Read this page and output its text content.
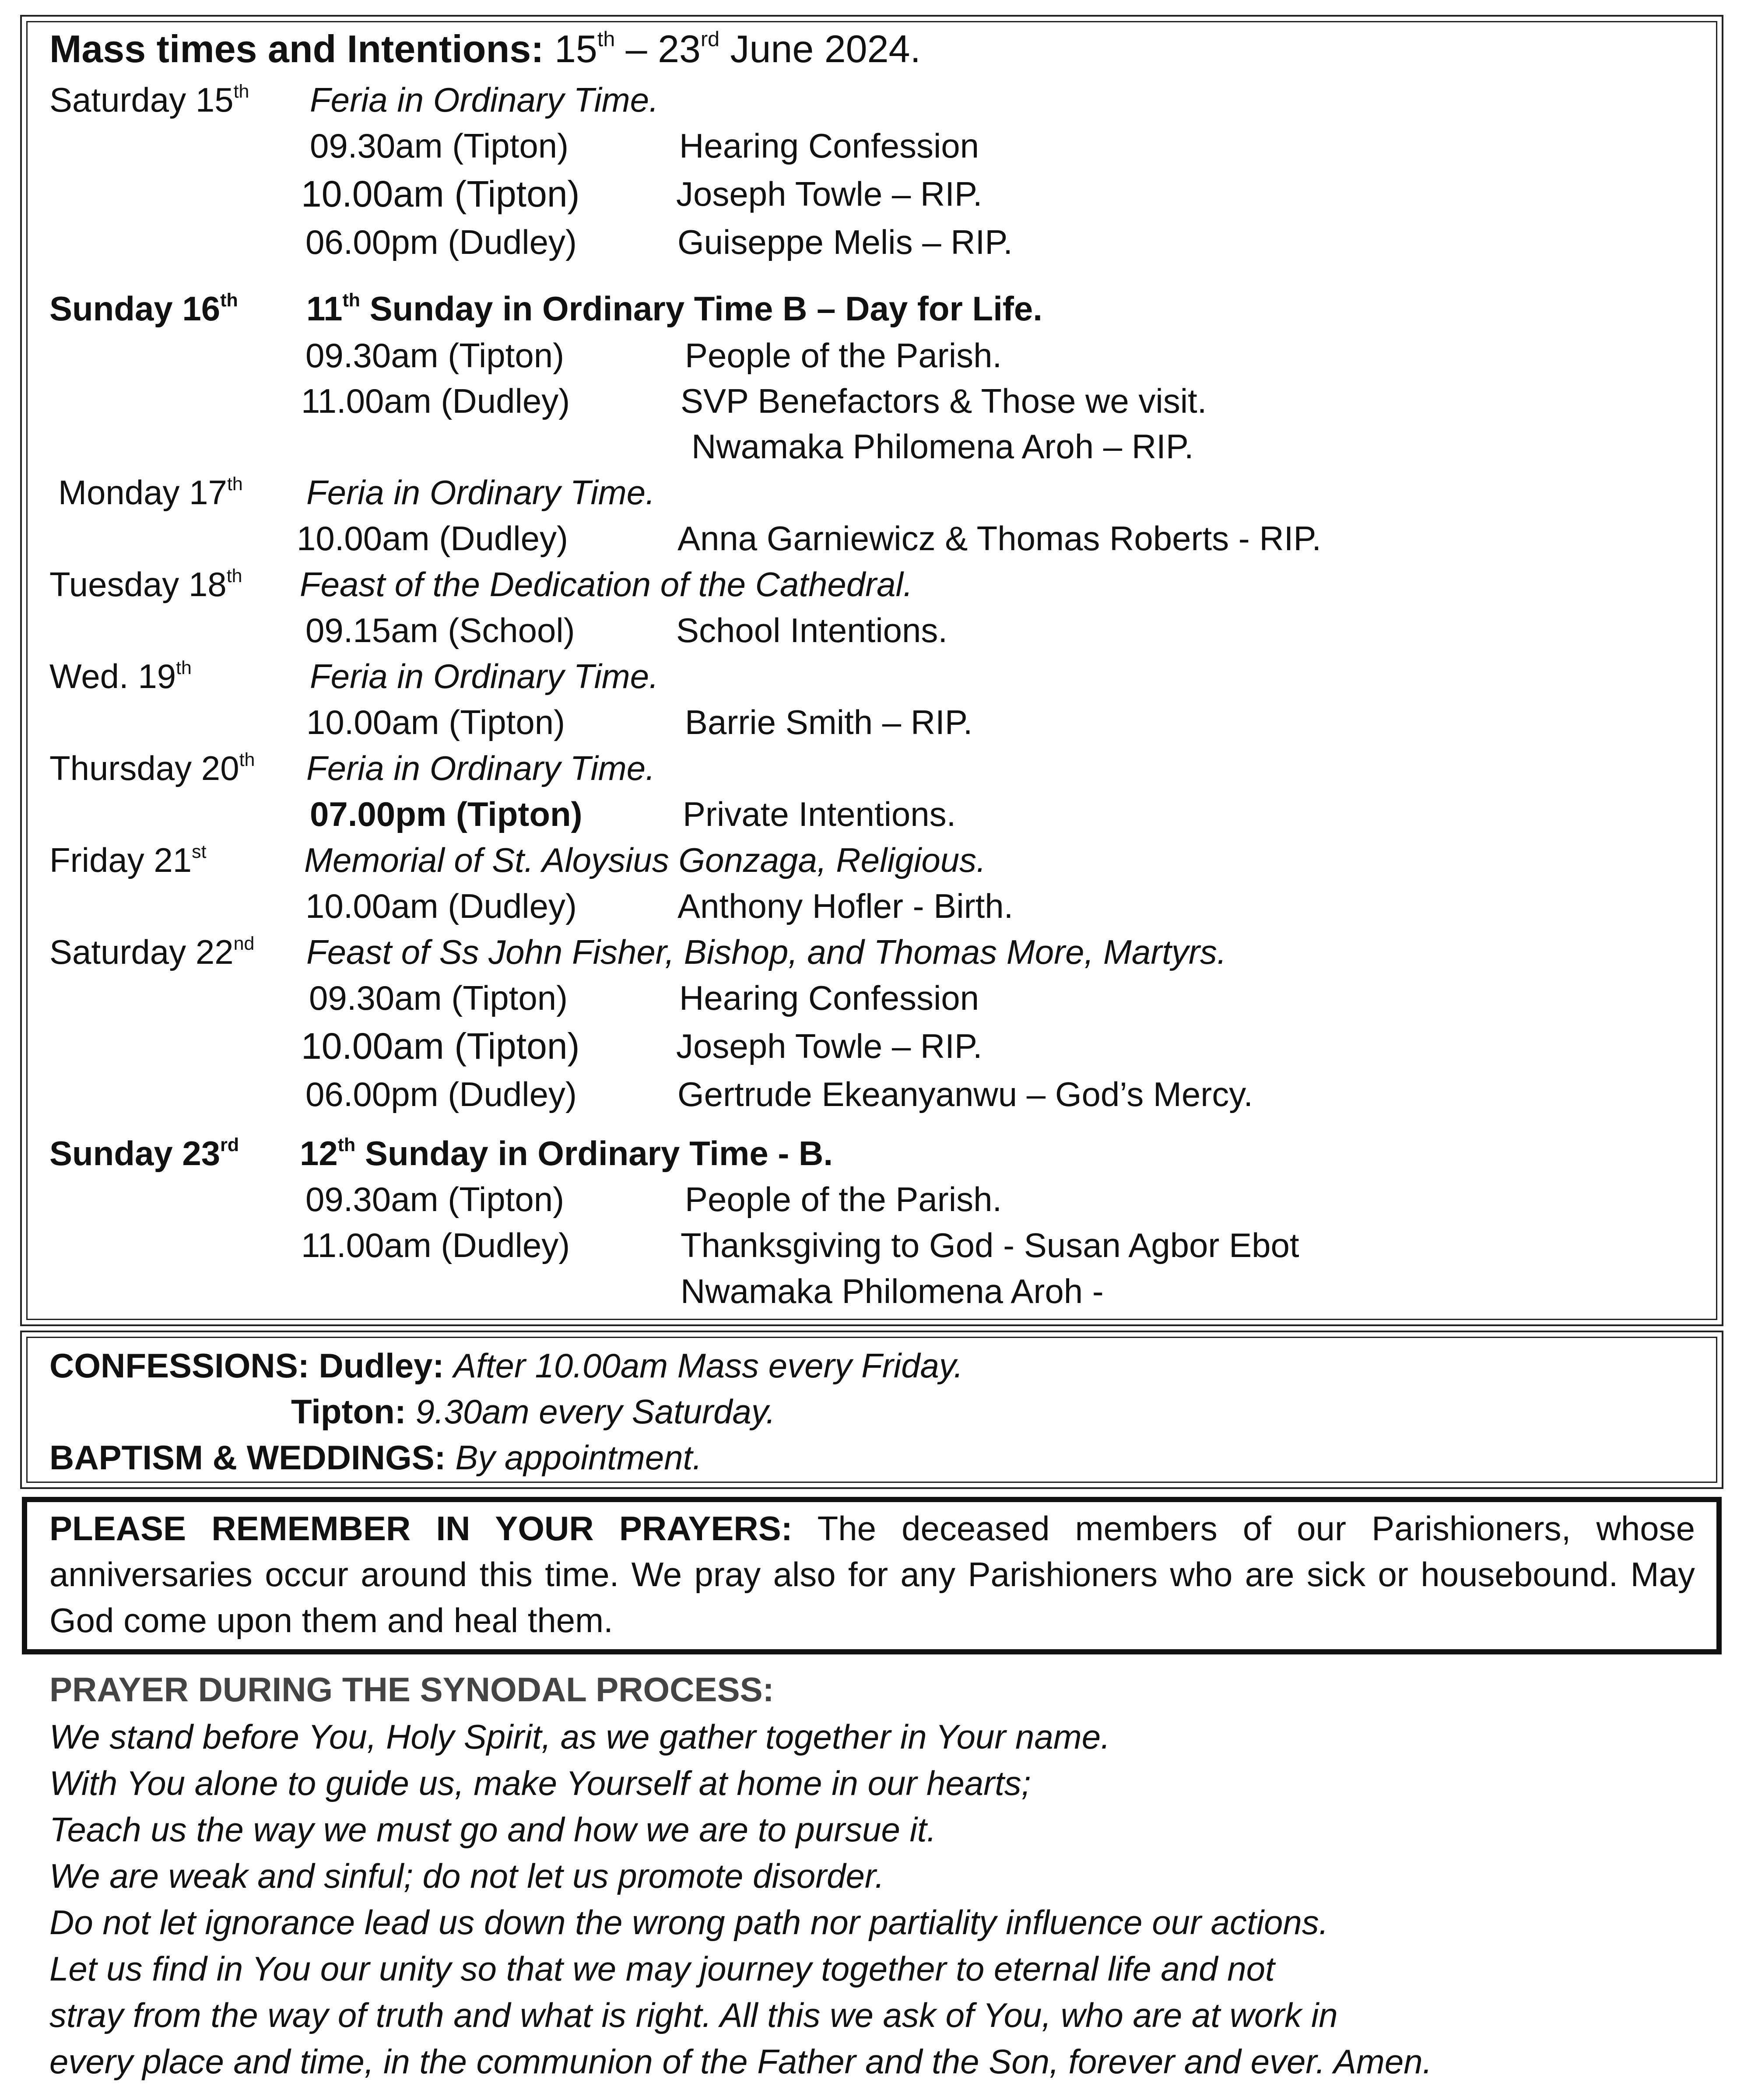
Mass times and Intentions: 15th – 23rd June 2024.
Saturday 15th Feria in Ordinary Time.
09.30am (Tipton)	Hearing Confession
10.00am (Tipton)	Joseph Towle – RIP.
06.00pm (Dudley)	Guiseppe Melis – RIP.
Sunday 16th 11th Sunday in Ordinary Time B – Day for Life.
09.30am (Tipton)	People of the Parish.
11.00am (Dudley)	SVP Benefactors & Those we visit.
Nwamaka Philomena Aroh – RIP.
Monday 17th Feria in Ordinary Time.
10.00am (Dudley)	Anna Garniewicz & Thomas Roberts - RIP.
Tuesday 18th Feast of the Dedication of the Cathedral.
09.15am (School)	School Intentions.
Wed. 19th	Feria in Ordinary Time.
10.00am (Tipton)	Barrie Smith – RIP.
Thursday 20th Feria in Ordinary Time.
07.00pm (Tipton)	Private Intentions.
Friday 21st	Memorial of St. Aloysius Gonzaga, Religious.
10.00am (Dudley)	Anthony Hofler - Birth.
Saturday 22nd Feast of Ss John Fisher, Bishop, and Thomas More, Martyrs.
09.30am (Tipton)	Hearing Confession
10.00am (Tipton)	Joseph Towle – RIP.
06.00pm (Dudley)	Gertrude Ekeanyanwu – God’s Mercy.
Sunday 23rd 12th Sunday in Ordinary Time - B.
09.30am (Tipton)	People of the Parish.
11.00am (Dudley)	Thanksgiving to God - Susan Agbor Ebot
Nwamaka Philomena Aroh -
CONFESSIONS: Dudley: After 10.00am Mass every Friday.
Tipton: 9.30am every Saturday.
BAPTISM & WEDDINGS: By appointment.
PLEASE REMEMBER IN YOUR PRAYERS: The deceased members of our Parishioners, whose anniversaries occur around this time. We pray also for any Parishioners who are sick or housebound. May God come upon them and heal them.
PRAYER DURING THE SYNODAL PROCESS:
We stand before You, Holy Spirit, as we gather together in Your name.
With You alone to guide us, make Yourself at home in our hearts;
Teach us the way we must go and how we are to pursue it.
We are weak and sinful; do not let us promote disorder.
Do not let ignorance lead us down the wrong path nor partiality influence our actions.
Let us find in You our unity so that we may journey together to eternal life and not
stray from the way of truth and what is right. All this we ask of You, who are at work in
every place and time, in the communion of the Father and the Son, forever and ever. Amen.
